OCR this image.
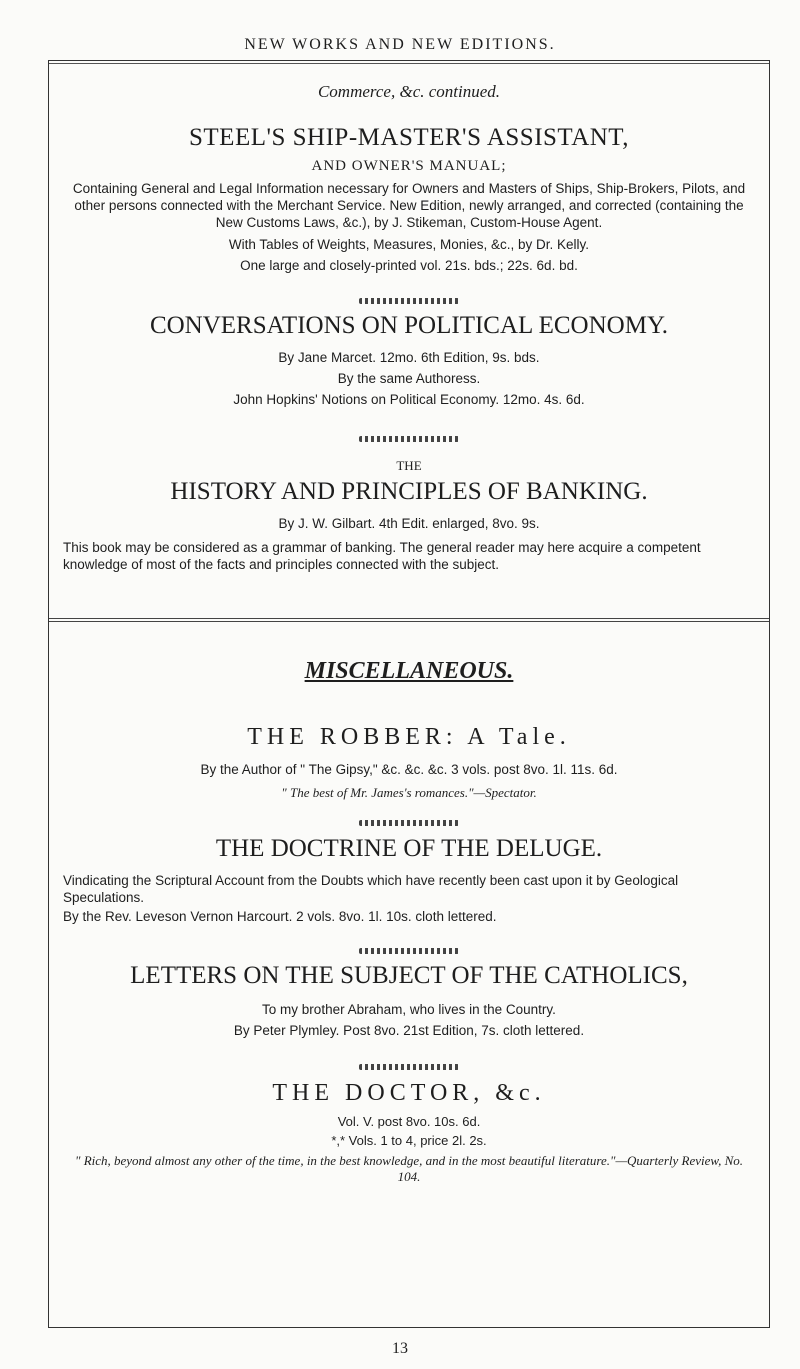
NEW WORKS AND NEW EDITIONS.
Commerce, &c. continued.
STEEL'S SHIP-MASTER'S ASSISTANT,
AND OWNER'S MANUAL;
Containing General and Legal Information necessary for Owners and Masters of Ships, Ship-Brokers, Pilots, and other persons connected with the Merchant Service. New Edition, newly arranged, and corrected (containing the New Customs Laws, &c.), by J. Stikeman, Custom-House Agent.
With Tables of Weights, Measures, Monies, &c., by Dr. Kelly.
One large and closely-printed vol. 21s. bds.; 22s. 6d. bd.
CONVERSATIONS ON POLITICAL ECONOMY.
By Jane Marcet. 12mo. 6th Edition, 9s. bds.
By the same Authoress.
John Hopkins' Notions on Political Economy. 12mo. 4s. 6d.
THE
HISTORY AND PRINCIPLES OF BANKING.
By J. W. Gilbart. 4th Edit. enlarged, 8vo. 9s.
This book may be considered as a grammar of banking. The general reader may here acquire a competent knowledge of most of the facts and principles connected with the subject.
MISCELLANEOUS.
THE ROBBER: A Tale.
By the Author of " The Gipsy," &c. &c. &c. 3 vols. post 8vo. 1l. 11s. 6d.
" The best of Mr. James's romances."—Spectator.
THE DOCTRINE OF THE DELUGE.
Vindicating the Scriptural Account from the Doubts which have recently been cast upon it by Geological Speculations.
By the Rev. Leveson Vernon Harcourt. 2 vols. 8vo. 1l. 10s. cloth lettered.
LETTERS ON THE SUBJECT OF THE CATHOLICS,
To my brother Abraham, who lives in the Country.
By Peter Plymley. Post 8vo. 21st Edition, 7s. cloth lettered.
THE DOCTOR, &c.
Vol. V. post 8vo. 10s. 6d.
*,* Vols. 1 to 4, price 2l. 2s.
" Rich, beyond almost any other of the time, in the best knowledge, and in the most beautiful literature."—Quarterly Review, No. 104.
13
